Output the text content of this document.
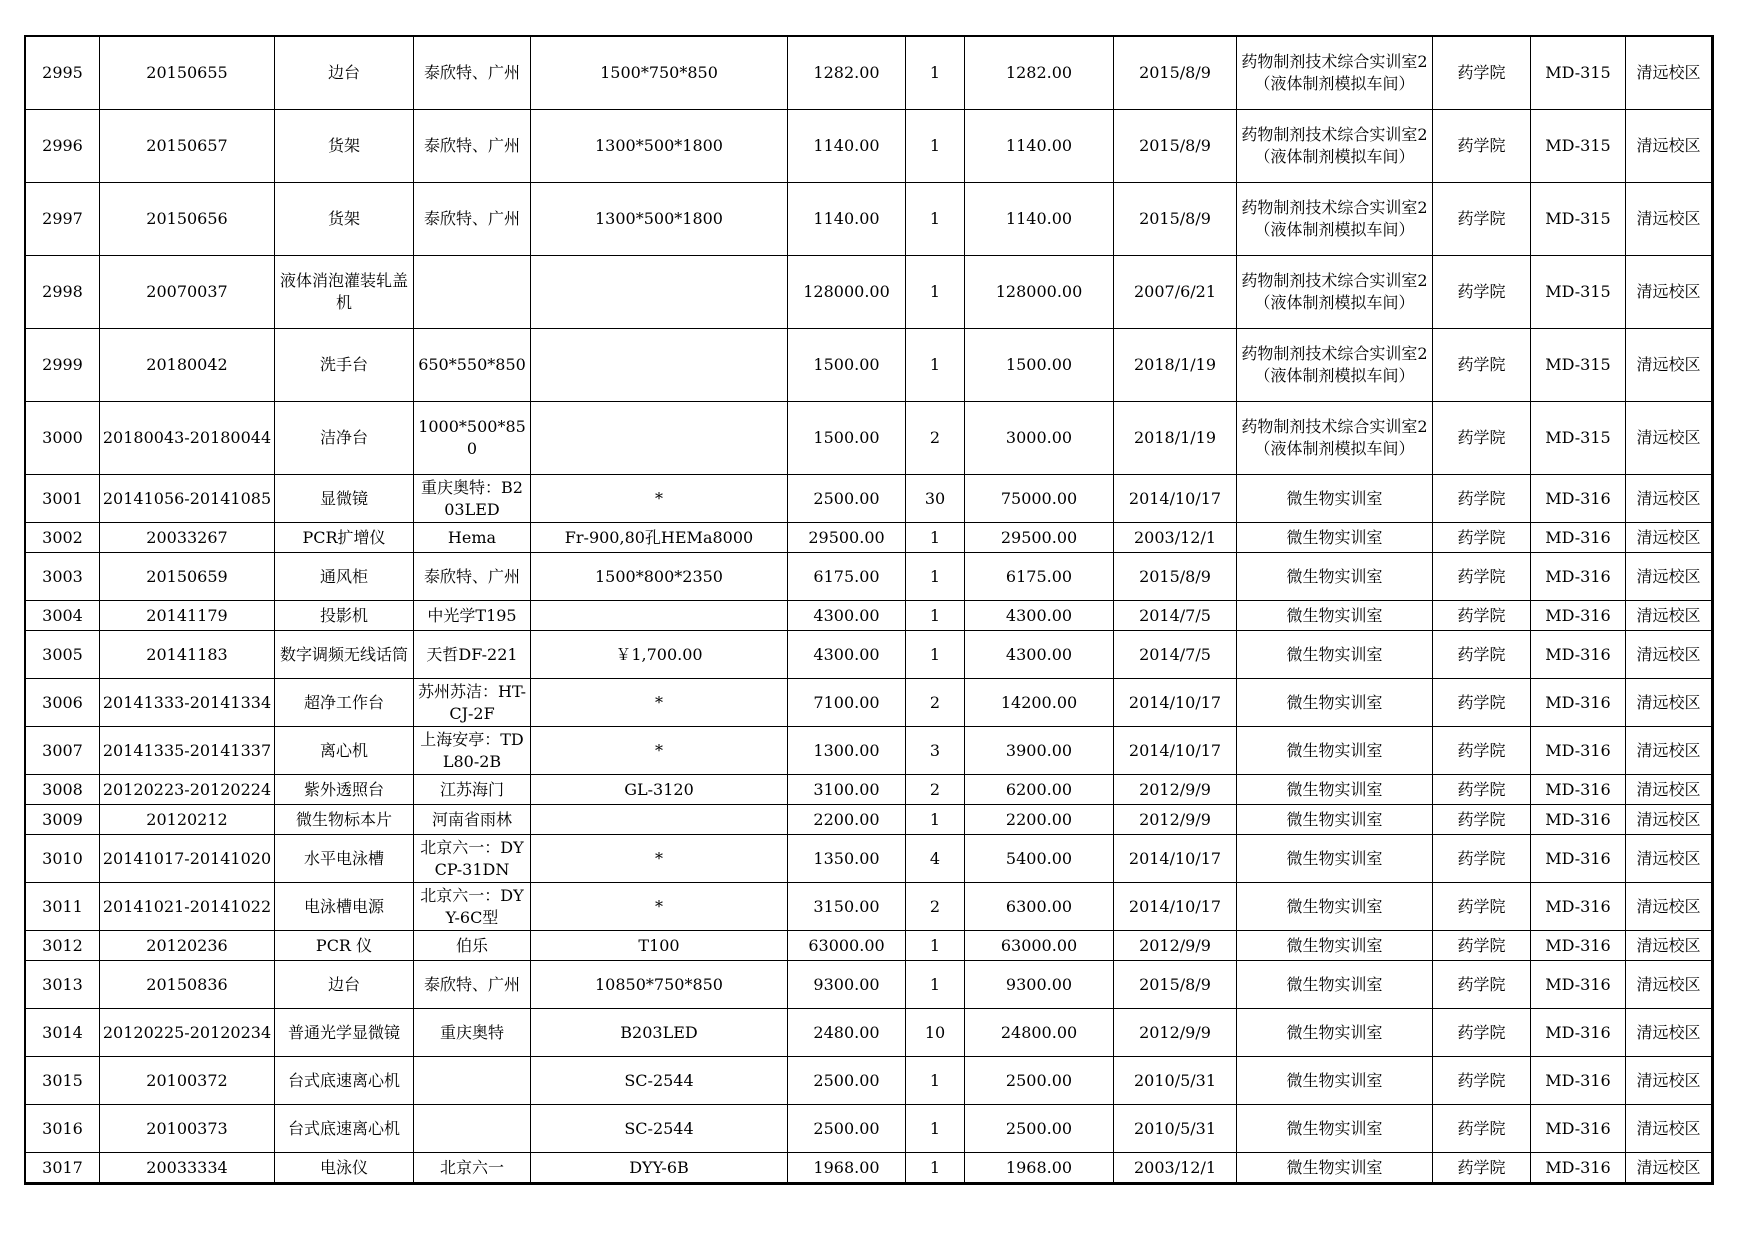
2995	20150655	边台	泰欣特、广州	1500*750*850	1282.00	1	1282.00	2015/8/9	药物制剂技术综合实训室2（液体制剂模拟车间）	药学院	MD-315	清远校区
2996	20150657	货架	泰欣特、广州	1300*500*1800	1140.00	1	1140.00	2015/8/9	药物制剂技术综合实训室2（液体制剂模拟车间）	药学院	MD-315	清远校区
2997	20150656	货架	泰欣特、广州	1300*500*1800	1140.00	1	1140.00	2015/8/9	药物制剂技术综合实训室2（液体制剂模拟车间）	药学院	MD-315	清远校区
2998	20070037	液体消泡灌装轧盖机			128000.00	1	128000.00	2007/6/21	药物制剂技术综合实训室2（液体制剂模拟车间）	药学院	MD-315	清远校区
2999	20180042	洗手台	650*550*850		1500.00	1	1500.00	2018/1/19	药物制剂技术综合实训室2（液体制剂模拟车间）	药学院	MD-315	清远校区
3000	20180043-20180044	洁净台	1000*500*850		1500.00	2	3000.00	2018/1/19	药物制剂技术综合实训室2（液体制剂模拟车间）	药学院	MD-315	清远校区
3001	20141056-20141085	显微镜	重庆奥特：B203LED	*	2500.00	30	75000.00	2014/10/17	微生物实训室	药学院	MD-316	清远校区
3002	20033267	PCR扩增仪	Hema	Fr-900,80孔HEMa8000	29500.00	1	29500.00	2003/12/1	微生物实训室	药学院	MD-316	清远校区
3003	20150659	通风柜	泰欣特、广州	1500*800*2350	6175.00	1	6175.00	2015/8/9	微生物实训室	药学院	MD-316	清远校区
3004	20141179	投影机	中光学T195		4300.00	1	4300.00	2014/7/5	微生物实训室	药学院	MD-316	清远校区
3005	20141183	数字调频无线话筒	天哲DF-221	￥1,700.00	4300.00	1	4300.00	2014/7/5	微生物实训室	药学院	MD-316	清远校区
3006	20141333-20141334	超净工作台	苏州苏洁：HT-CJ-2F	*	7100.00	2	14200.00	2014/10/17	微生物实训室	药学院	MD-316	清远校区
3007	20141335-20141337	离心机	上海安亭：TDL80-2B	*	1300.00	3	3900.00	2014/10/17	微生物实训室	药学院	MD-316	清远校区
3008	20120223-20120224	紫外透照台	江苏海门	GL-3120	3100.00	2	6200.00	2012/9/9	微生物实训室	药学院	MD-316	清远校区
3009	20120212	微生物标本片	河南省雨林		2200.00	1	2200.00	2012/9/9	微生物实训室	药学院	MD-316	清远校区
3010	20141017-20141020	水平电泳槽	北京六一：DYCP-31DN	*	1350.00	4	5400.00	2014/10/17	微生物实训室	药学院	MD-316	清远校区
3011	20141021-20141022	电泳槽电源	北京六一：DYY-6C型	*	3150.00	2	6300.00	2014/10/17	微生物实训室	药学院	MD-316	清远校区
3012	20120236	PCR 仪	伯乐	T100	63000.00	1	63000.00	2012/9/9	微生物实训室	药学院	MD-316	清远校区
3013	20150836	边台	泰欣特、广州	10850*750*850	9300.00	1	9300.00	2015/8/9	微生物实训室	药学院	MD-316	清远校区
3014	20120225-20120234	普通光学显微镜	重庆奥特	B203LED	2480.00	10	24800.00	2012/9/9	微生物实训室	药学院	MD-316	清远校区
3015	20100372	台式底速离心机		SC-2544	2500.00	1	2500.00	2010/5/31	微生物实训室	药学院	MD-316	清远校区
3016	20100373	台式底速离心机		SC-2544	2500.00	1	2500.00	2010/5/31	微生物实训室	药学院	MD-316	清远校区
3017	20033334	电泳仪	北京六一	DYY-6B	1968.00	1	1968.00	2003/12/1	微生物实训室	药学院	MD-316	清远校区
